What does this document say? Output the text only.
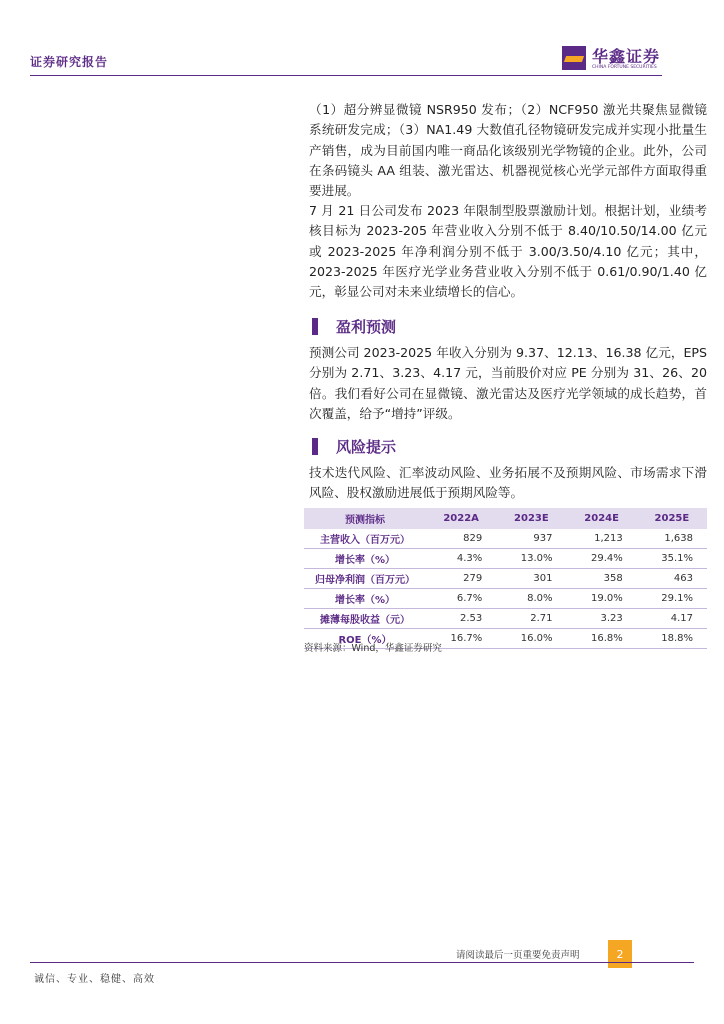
证券研究报告	华鑫证券
CHINA FORTUNE SECURITIES

（1）超分辨显微镜 NSR950 发布；（2）NCF950 激光共聚焦显微镜系统研发完成；（3）NA1.49 大数值孔径物镜研发完成并实现小批量生产销售，成为目前国内唯一商品化该级别光学物镜的企业。此外，公司在条码镜头 AA 组装、激光雷达、机器视觉核心光学元部件方面取得重要进展。

7 月 21 日公司发布 2023 年限制型股票激励计划。根据计划，业绩考核目标为 2023-205 年营业收入分别不低于 8.40/10.50/14.00 亿元或 2023-2025 年净利润分别不低于 3.00/3.50/4.10 亿元；其中，2023-2025 年医疗光学业务营业收入分别不低于 0.61/0.90/1.40 亿元，彰显公司对未来业绩增长的信心。

盈利预测

预测公司 2023-2025 年收入分别为 9.37、12.13、16.38 亿元，EPS 分别为 2.71、3.23、4.17 元，当前股价对应 PE 分别为 31、26、20 倍。我们看好公司在显微镜、激光雷达及医疗光学领域的成长趋势，首次覆盖，给予“增持”评级。

风险提示

技术迭代风险、汇率波动风险、业务拓展不及预期风险、市场需求下滑风险、股权激励进展低于预期风险等。

预测指标	2022A	2023E	2024E	2025E
主营收入（百万元）	829	937	1,213	1,638
增长率（%）	4.3%	13.0%	29.4%	35.1%
归母净利润（百万元）	279	301	358	463
增长率（%）	6.7%	8.0%	19.0%	29.1%
摊薄每股收益（元）	2.53	2.71	3.23	4.17
ROE（%）	16.7%	16.0%	16.8%	18.8%
资料来源：Wind，华鑫证券研究
请阅读最后一页重要免责声明	2
诚信、专业、稳健、高效
